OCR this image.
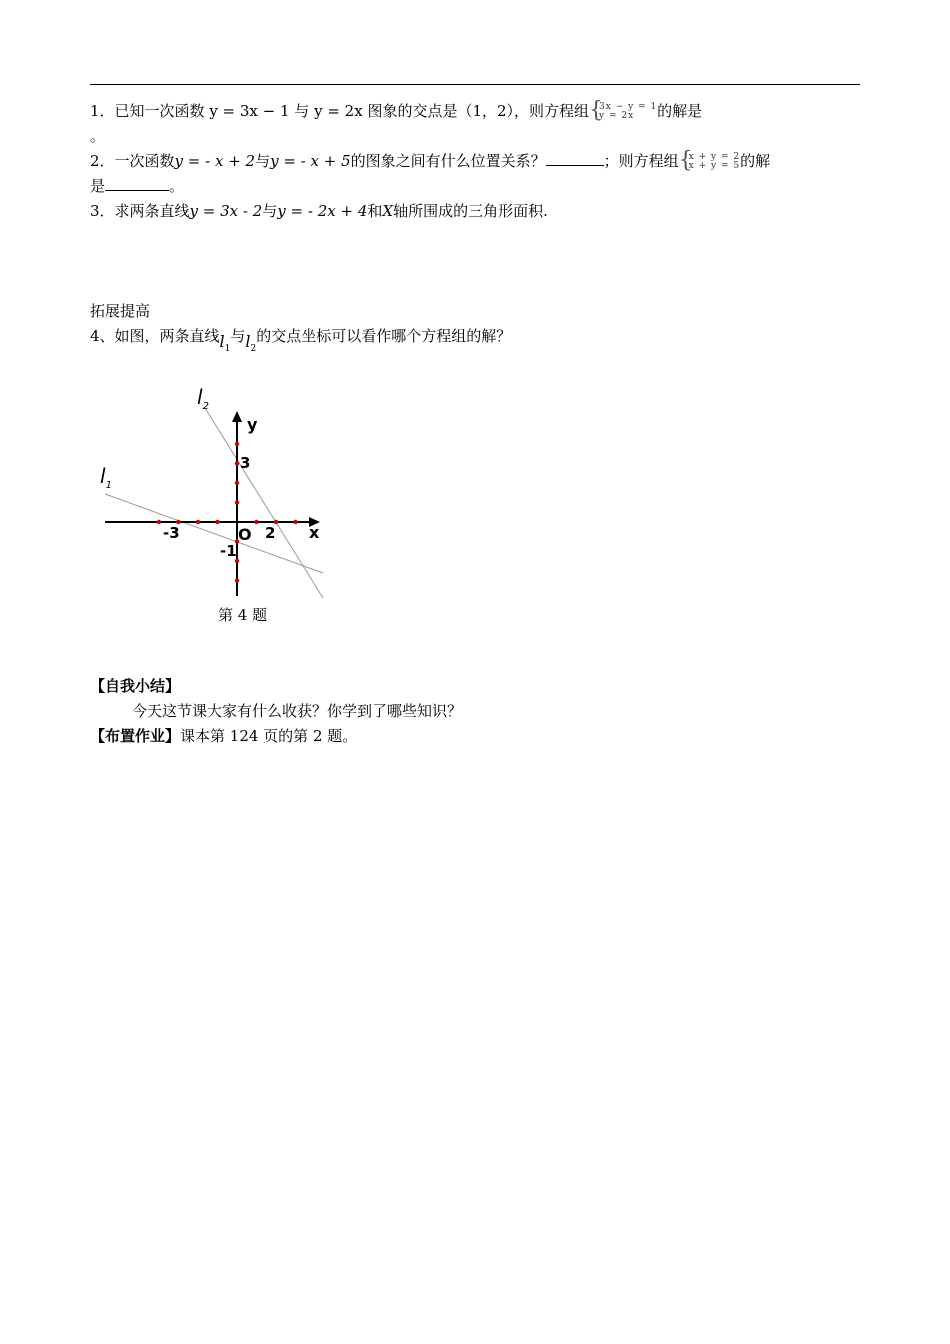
1．已知一次函数 y = 3x − 1 与 y = 2x 图象的交点是（1，2），则方程组 {
3x − y = 1
y = 2x	的解是
。
2．一次函数y = - x + 2与y = - x + 5的图象之间有什么位置关系？	；则方程组 {
x + y = 2
x + y = 5 的解
是	。
3．求两条直线y = 3x - 2与y = - 2x + 4和X轴所围成的三角形面积.
拓展提高
4、如图，两条直线$l_1$与$l_2$的交点坐标可以看作哪个方程组的解？
$l_2$
$l_1$
y
x
O
3
-3	2
-1
第 4 题
【自我小结】
今天这节课大家有什么收获？你学到了哪些知识？
【布置作业】课本第 124 页的第 2 题。
